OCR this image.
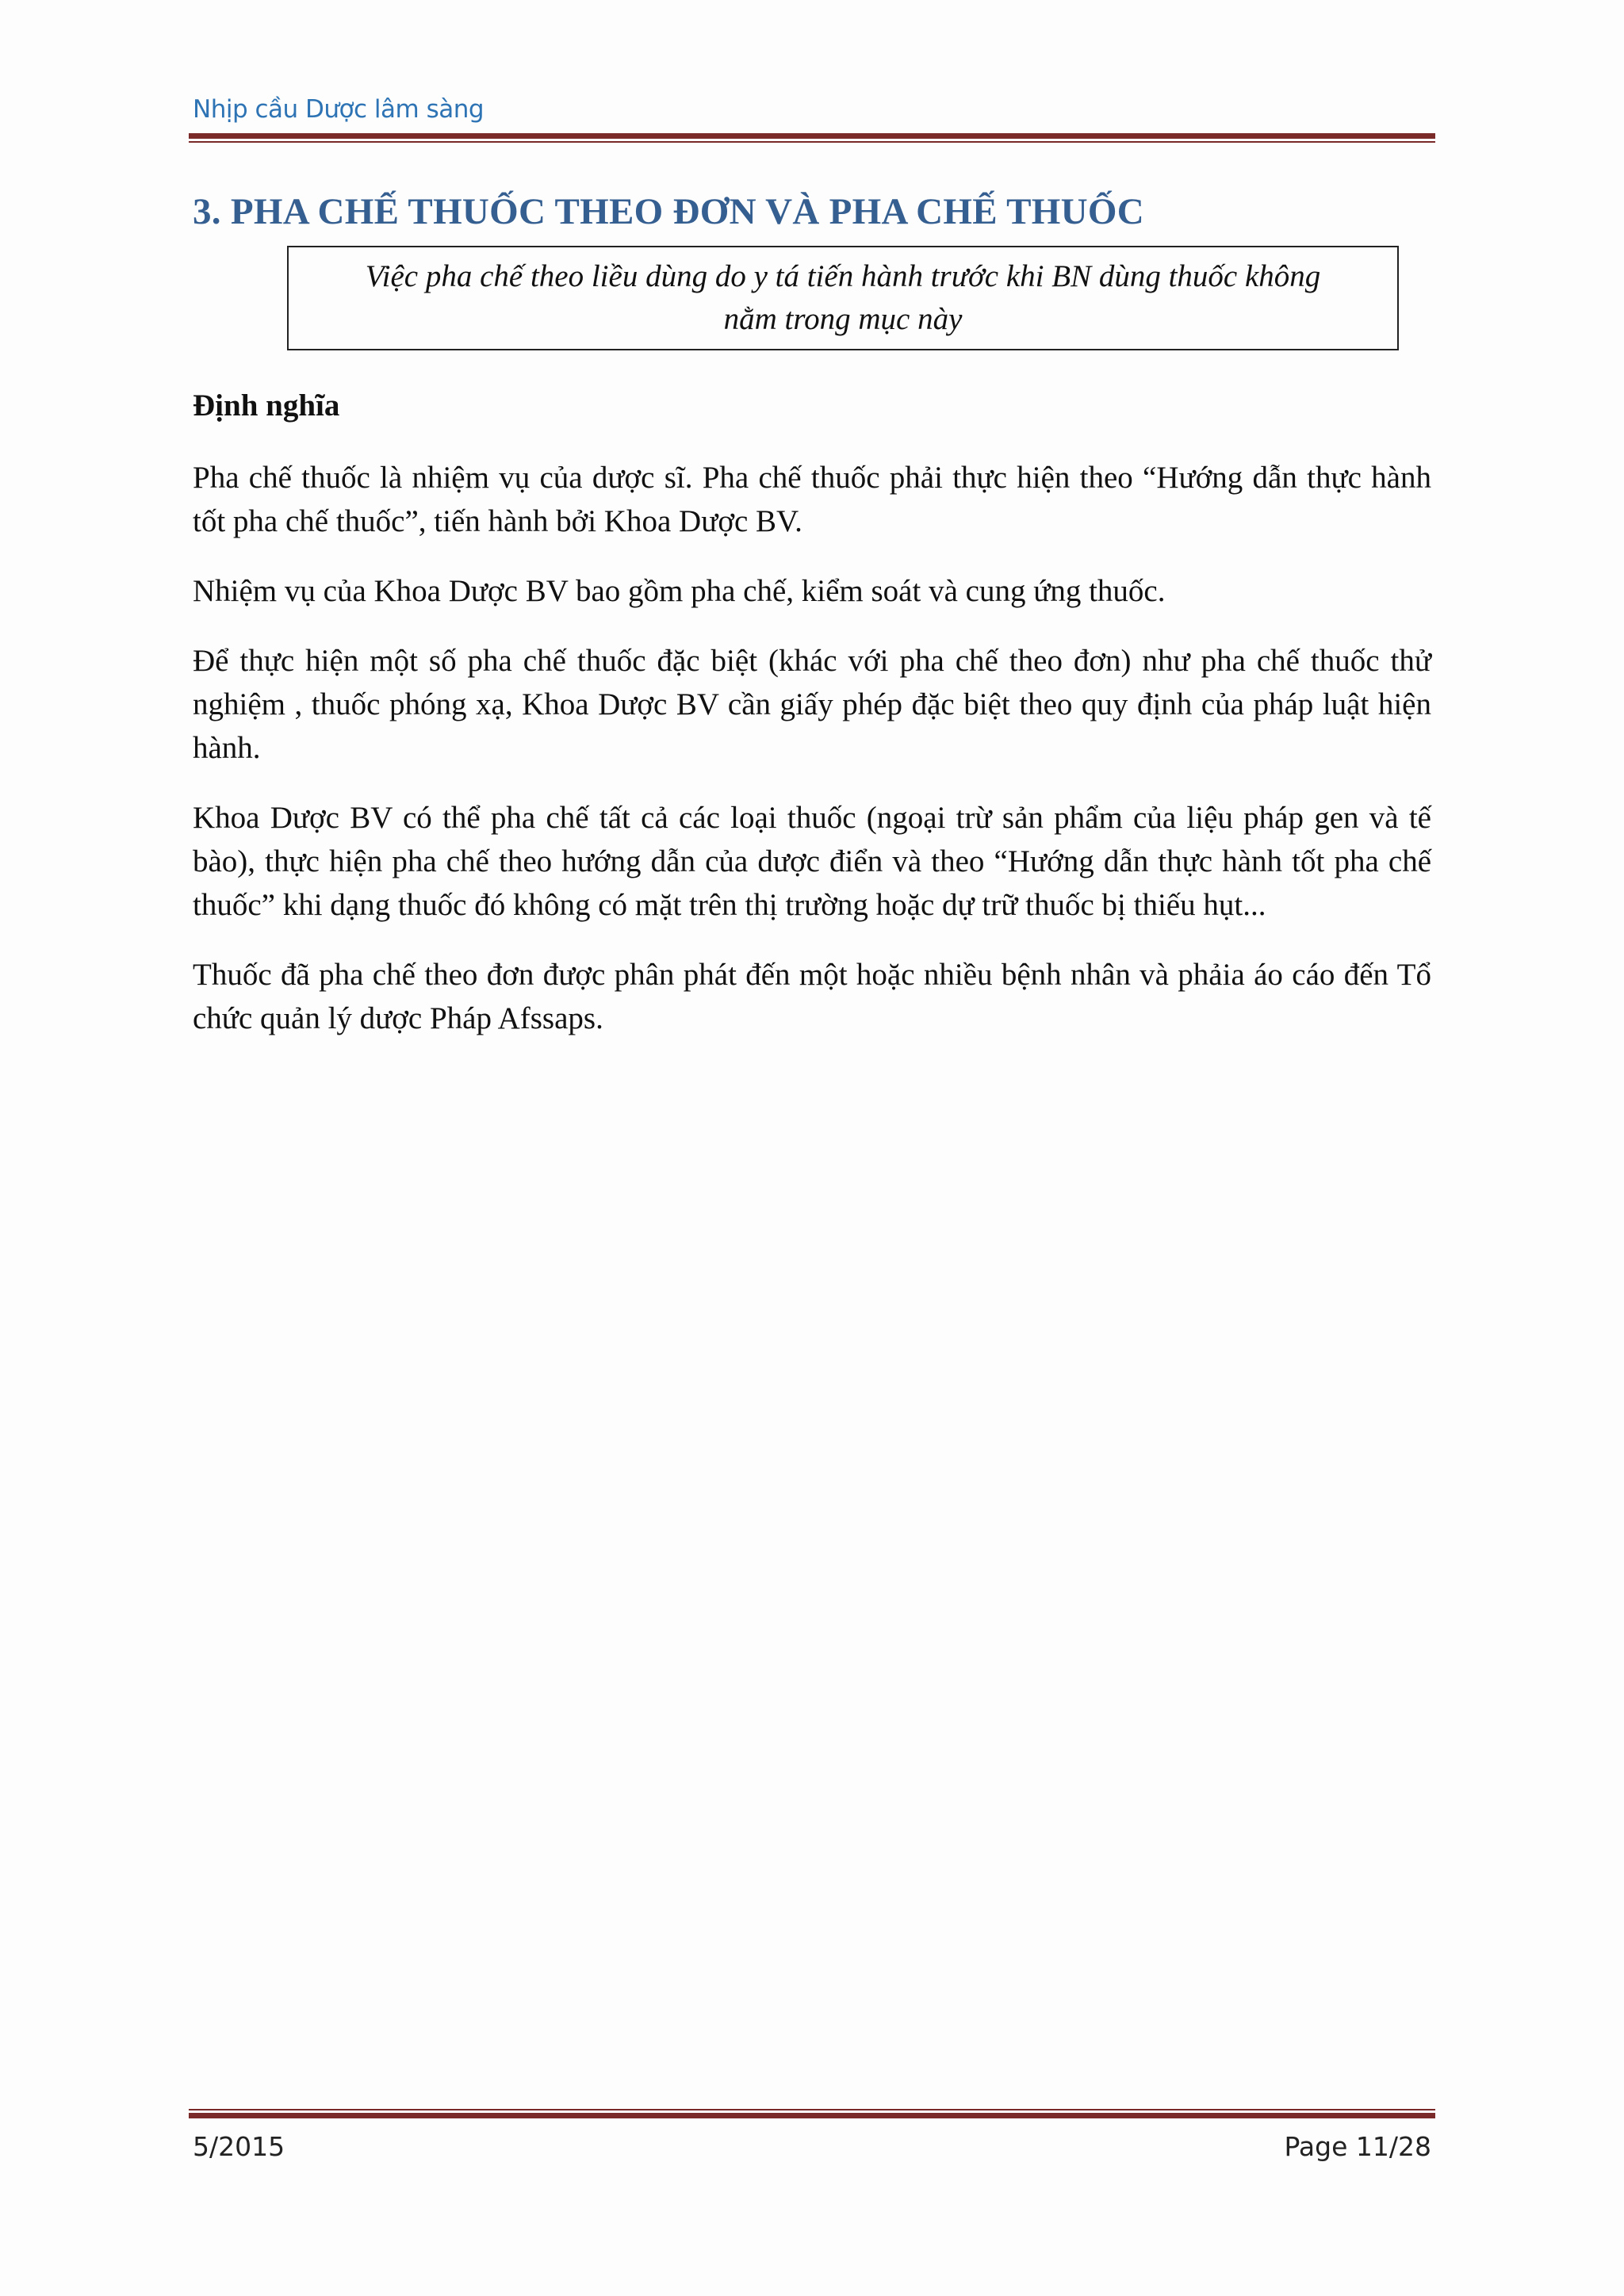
Nhịp cầu Dược lâm sàng
3. PHA CHẾ THUỐC THEO ĐƠN VÀ PHA CHẾ THUỐC
Việc pha chế theo liều dùng do y tá tiến hành trước khi BN dùng thuốc không nằm trong mục này
Định nghĩa

Pha chế thuốc là nhiệm vụ của dược sĩ. Pha chế thuốc phải thực hiện theo “Hướng dẫn thực hành tốt pha chế thuốc”, tiến hành bởi Khoa Dược BV.

Nhiệm vụ của Khoa Dược BV bao gồm pha chế, kiểm soát và cung ứng thuốc.

Để thực hiện một số pha chế thuốc đặc biệt (khác với pha chế theo đơn) như pha chế thuốc thử nghiệm , thuốc phóng xạ, Khoa Dược BV cần giấy phép đặc biệt theo quy định của pháp luật hiện hành.

Khoa Dược BV có thể pha chế tất cả các loại thuốc (ngoại trừ sản phẩm của liệu pháp gen và tế bào), thực hiện pha chế theo hướng dẫn của dược điển và theo “Hướng dẫn thực hành tốt pha chế thuốc” khi dạng thuốc đó không có mặt trên thị trường hoặc dự trữ thuốc bị thiếu hụt...

Thuốc đã pha chế theo đơn được phân phát đến một hoặc nhiều bệnh nhân và phảia áo cáo đến Tổ chức quản lý dược Pháp Afssaps.

5/2015	Page 11/28
